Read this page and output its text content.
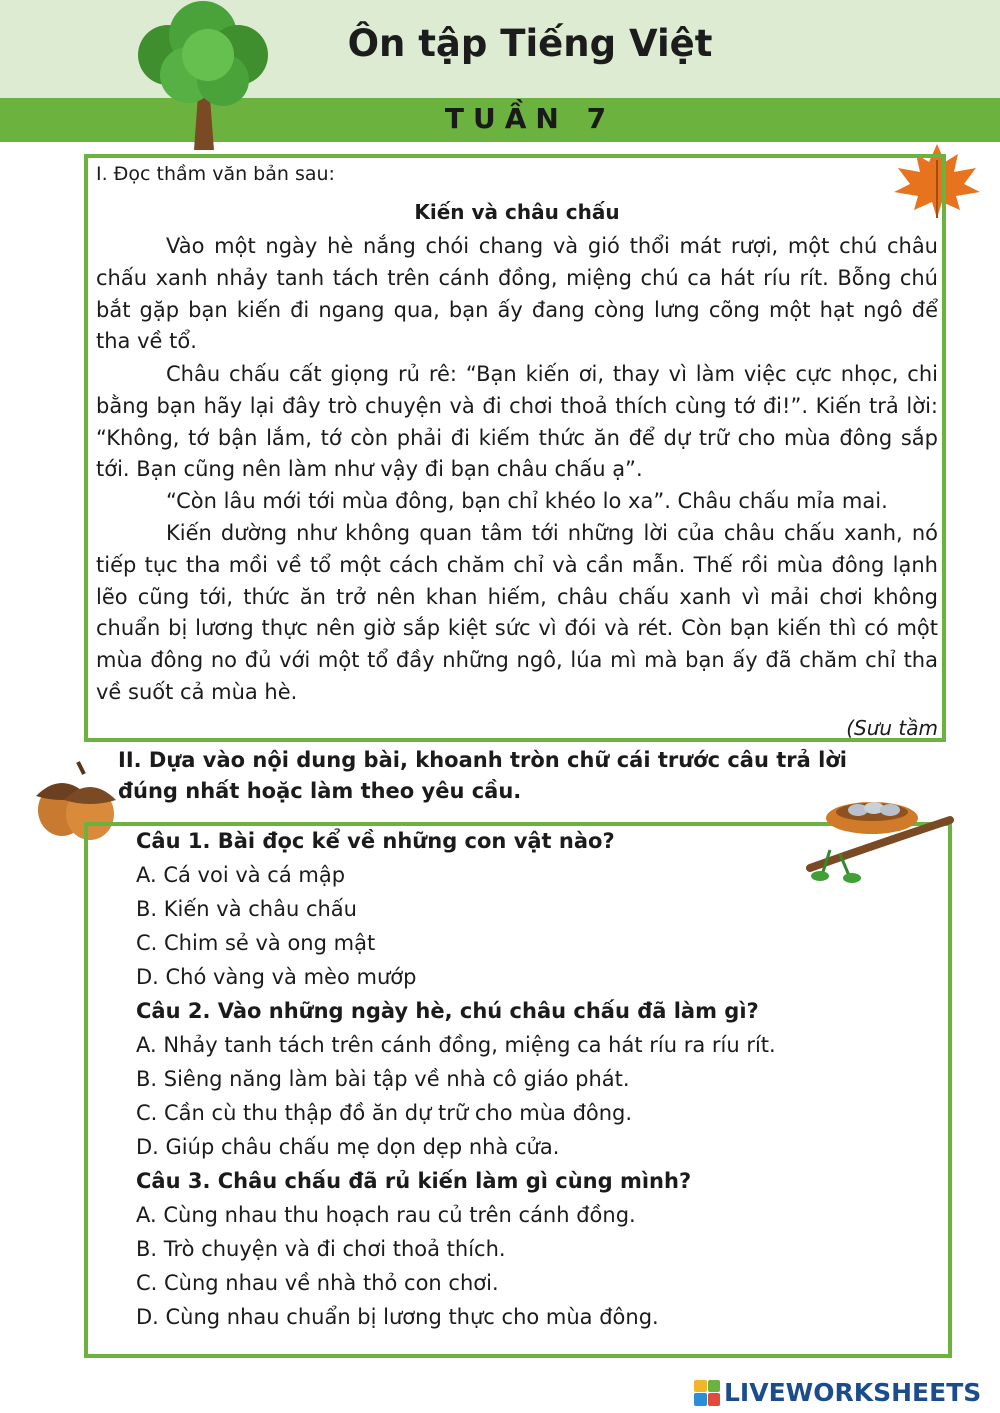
Ôn tập Tiếng Việt
TUẦN 7
I. Đọc thầm văn bản sau:
Kiến và châu chấu

Vào một ngày hè nắng chói chang và gió thổi mát rượi, một chú châu chấu xanh nhảy tanh tách trên cánh đồng, miệng chú ca hát ríu rít. Bỗng chú bắt gặp bạn kiến đi ngang qua, bạn ấy đang còng lưng cõng một hạt ngô để tha về tổ.

Châu chấu cất giọng rủ rê: “Bạn kiến ơi, thay vì làm việc cực nhọc, chi bằng bạn hãy lại đây trò chuyện và đi chơi thoả thích cùng tớ đi!”. Kiến trả lời: “Không, tớ bận lắm, tớ còn phải đi kiếm thức ăn để dự trữ cho mùa đông sắp tới. Bạn cũng nên làm như vậy đi bạn châu chấu ạ”.

“Còn lâu mới tới mùa đông, bạn chỉ khéo lo xa”. Châu chấu mỉa mai.

Kiến dường như không quan tâm tới những lời của châu chấu xanh, nó tiếp tục tha mồi về tổ một cách chăm chỉ và cần mẫn. Thế rồi mùa đông lạnh lẽo cũng tới, thức ăn trở nên khan hiếm, châu chấu xanh vì mải chơi không chuẩn bị lương thực nên giờ sắp kiệt sức vì đói và rét. Còn bạn kiến thì có một mùa đông no đủ với một tổ đầy những ngô, lúa mì mà bạn ấy đã chăm chỉ tha về suốt cả mùa hè.

(Sưu tầm

II. Dựa vào nội dung bài, khoanh tròn chữ cái trước câu trả lời đúng nhất hoặc làm theo yêu cầu.

Câu 1. Bài đọc kể về những con vật nào?
A. Cá voi và cá mập
B. Kiến và châu chấu
C. Chim sẻ và ong mật
D. Chó vàng và mèo mướp
Câu 2. Vào những ngày hè, chú châu chấu đã làm gì?
A. Nhảy tanh tách trên cánh đồng, miệng ca hát ríu ra ríu rít.
B. Siêng năng làm bài tập về nhà cô giáo phát.
C. Cần cù thu thập đồ ăn dự trữ cho mùa đông.
D. Giúp châu chấu mẹ dọn dẹp nhà cửa.
Câu 3. Châu chấu đã rủ kiến làm gì cùng mình?
A. Cùng nhau thu hoạch rau củ trên cánh đồng.
B. Trò chuyện và đi chơi thoả thích.
C. Cùng nhau về nhà thỏ con chơi.
D. Cùng nhau chuẩn bị lương thực cho mùa đông.
LIVEWORKSHEETS
